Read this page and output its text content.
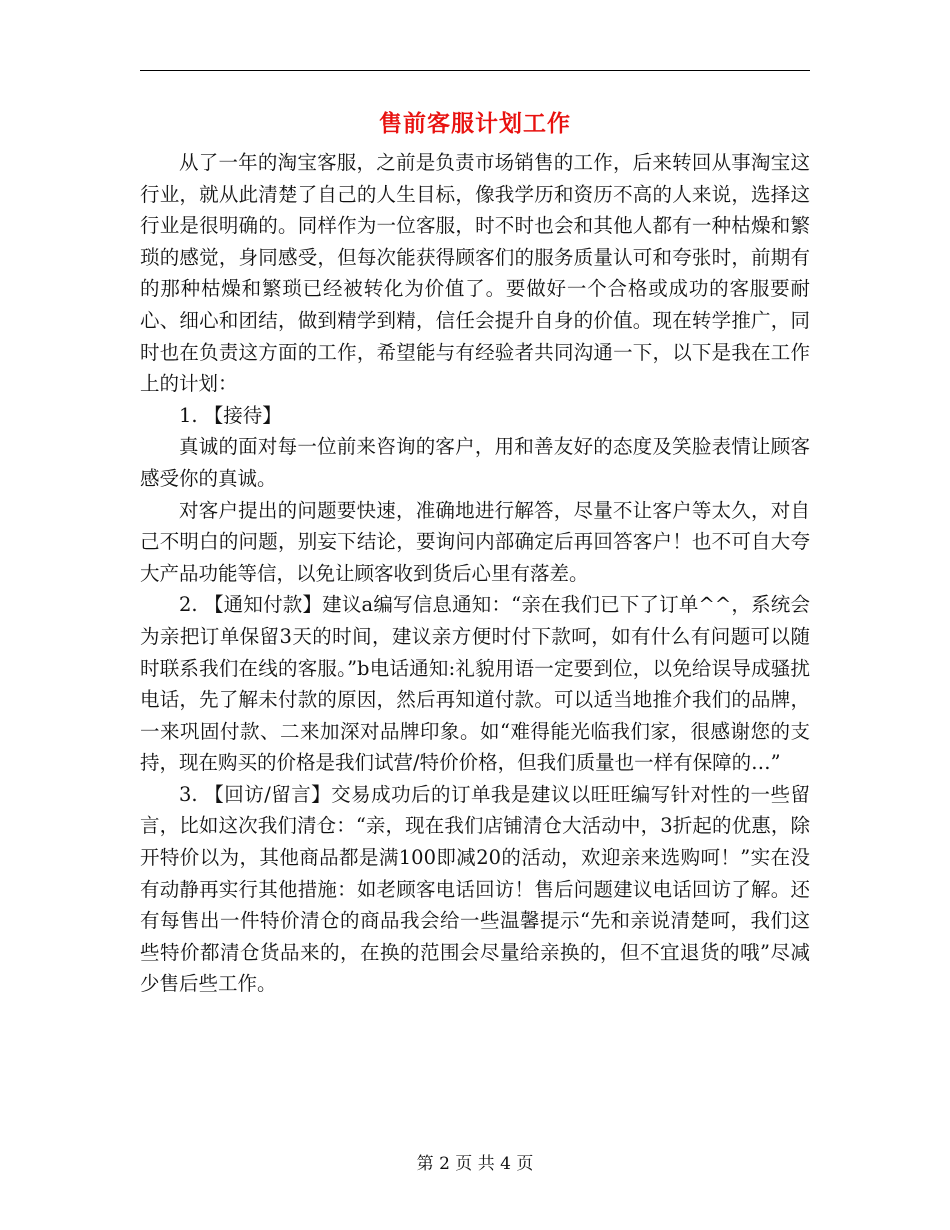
售前客服计划工作

从了一年的淘宝客服，之前是负责市场销售的工作，后来转回从事淘宝这行业，就从此清楚了自己的人生目标，像我学历和资历不高的人来说，选择这行业是很明确的。同样作为一位客服，时不时也会和其他人都有一种枯燥和繁琐的感觉，身同感受，但每次能获得顾客们的服务质量认可和夸张时，前期有的那种枯燥和繁琐已经被转化为价值了。要做好一个合格或成功的客服要耐心、细心和团结，做到精学到精，信任会提升自身的价值。现在转学推广，同时也在负责这方面的工作，希望能与有经验者共同沟通一下，以下是我在工作上的计划：

1. 【接待】

真诚的面对每一位前来咨询的客户，用和善友好的态度及笑脸表情让顾客感受你的真诚。

对客户提出的问题要快速，准确地进行解答，尽量不让客户等太久，对自己不明白的问题，别妄下结论，要询问内部确定后再回答客户！也不可自大夸大产品功能等信，以免让顾客收到货后心里有落差。

2. 【通知付款】建议a编写信息通知：“亲在我们已下了订单^^，系统会为亲把订单保留3天的时间，建议亲方便时付下款呵，如有什么有问题可以随时联系我们在线的客服。”b电话通知:礼貌用语一定要到位，以免给误导成骚扰电话，先了解未付款的原因，然后再知道付款。可以适当地推介我们的品牌，一来巩固付款、二来加深对品牌印象。如“难得能光临我们家，很感谢您的支持，现在购买的价格是我们试营/特价价格，但我们质量也一样有保障的…”

3. 【回访/留言】交易成功后的订单我是建议以旺旺编写针对性的一些留言，比如这次我们清仓：“亲，现在我们店铺清仓大活动中，3折起的优惠，除开特价以为，其他商品都是满100即减20的活动，欢迎亲来选购呵！”实在没有动静再实行其他措施：如老顾客电话回访！售后问题建议电话回访了解。还有每售出一件特价清仓的商品我会给一些温馨提示“先和亲说清楚呵，我们这些特价都清仓货品来的，在换的范围会尽量给亲换的，但不宜退货的哦”尽减少售后些工作。

第 2 页 共 4 页
